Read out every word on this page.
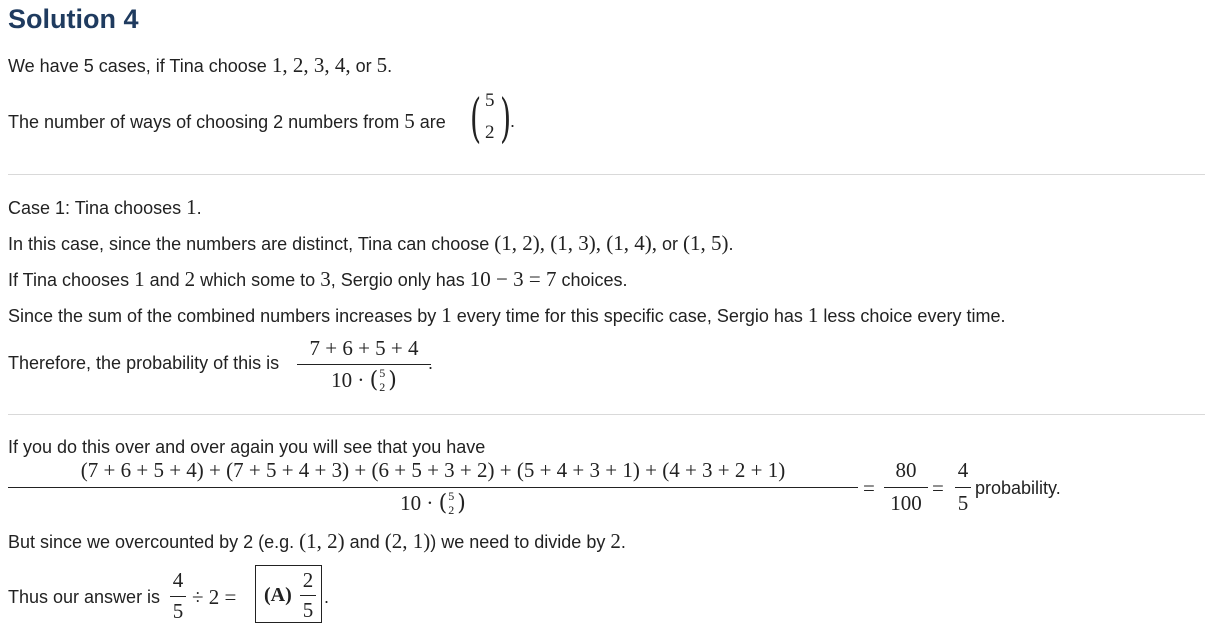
Solution 4
We have 5 cases, if Tina choose 1, 2, 3, 4, or 5.
The number of ways of choosing 2 numbers from 5 are ( 5
2 )
.
Case 1: Tina chooses 1.
In this case, since the numbers are distinct, Tina can choose (1, 2), (1, 3), (1, 4), or (1, 5).
If Tina chooses 1 and 2 which some to 3, Sergio only has 10 − 3 = 7 choices.
Since the sum of the combined numbers increases by 1 every time for this specific case, Sergio has 1 less choice every time.
Therefore, the probability of this is
7 + 6 + 5 + 4
10 · ( 5
2 )
.
If you do this over and over again you will see that you have
(7 + 6 + 5 + 4) + (7 + 5 + 4 + 3) + (6 + 5 + 3 + 2) + (5 + 4 + 3 + 1) + (4 + 3 + 2 + 1)
10 · ( 5
2 )
=
80
100
=
4
5
probability.
But since we overcounted by 2 (e.g. (1, 2) and (2, 1)) we need to divide by 2.
Thus our answer is
4
5
÷ 2 = (A)
2
5
.
